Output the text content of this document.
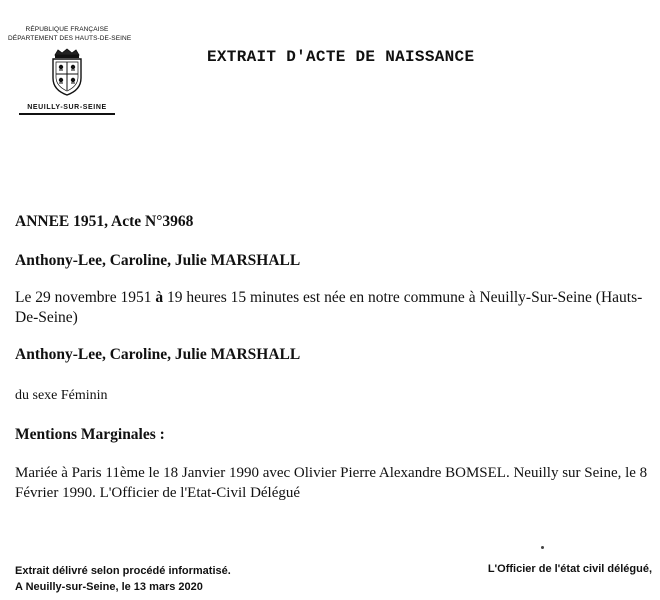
RÉPUBLIQUE FRANÇAISE
DÉPARTEMENT DES HAUTS-DE-SEINE
NEUILLY-SUR-SEINE
EXTRAIT D'ACTE DE NAISSANCE
ANNEE 1951, Acte N°3968
Anthony-Lee, Caroline, Julie MARSHALL
Le 29 novembre 1951 à 19 heures 15 minutes est née en notre commune à Neuilly-Sur-Seine (Hauts-De-Seine)
Anthony-Lee, Caroline, Julie MARSHALL
du sexe Féminin
Mentions Marginales :
Mariée à Paris 11ème le 18 Janvier 1990 avec Olivier Pierre Alexandre BOMSEL. Neuilly sur Seine, le 8 Février 1990. L'Officier de l'Etat-Civil Délégué
Extrait délivré selon procédé informatisé.
A Neuilly-sur-Seine, le 13 mars 2020
L'Officier de l'état civil délégué,
